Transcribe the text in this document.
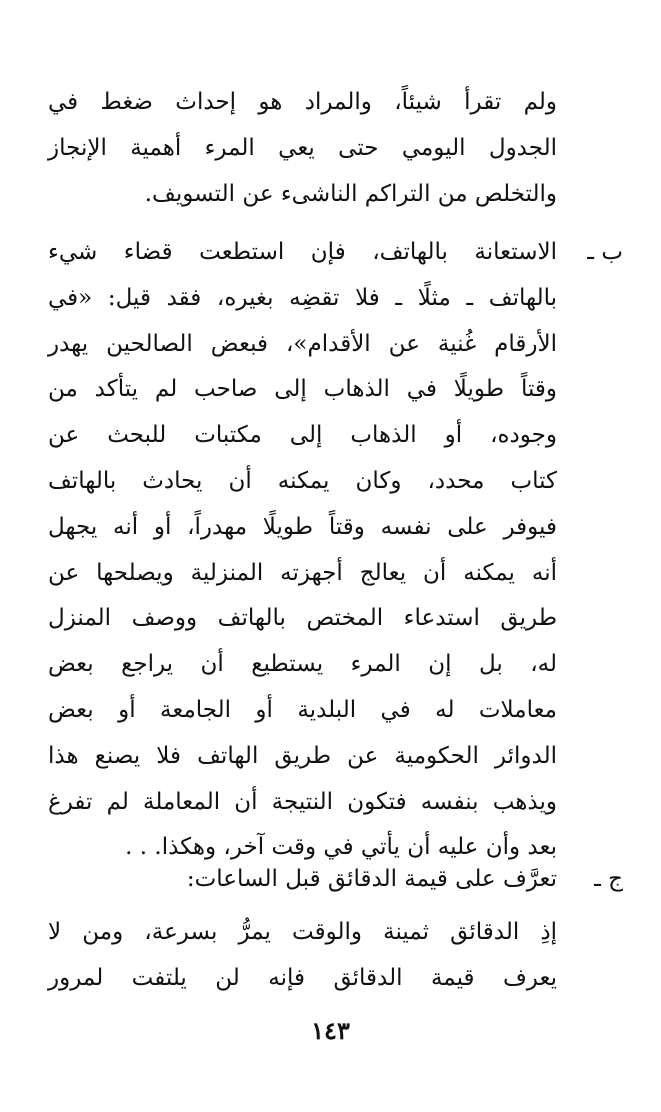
ولم تقرأ شيئاً، والمراد هو إحداث ضغط في
الجدول اليومي حتى يعي المرء أهمية الإنجاز
والتخلص من التراكم الناشىء عن التسويف.
ب ـ
الاستعانة بالهاتف، فإن استطعت قضاء شيء
بالهاتف ـ مثلًا ـ فلا تقضِه بغيره، فقد قيل: «في
الأرقام غُنية عن الأقدام»، فبعض الصالحين يهدر
وقتاً طويلًا في الذهاب إلى صاحب لم يتأكد من
وجوده، أو الذهاب إلى مكتبات للبحث عن
كتاب محدد، وكان يمكنه أن يحادث بالهاتف
فيوفر على نفسه وقتاً طويلًا مهدراً، أو أنه يجهل
أنه يمكنه أن يعالج أجهزته المنزلية ويصلحها عن
طريق استدعاء المختص بالهاتف ووصف المنزل
له، بل إن المرء يستطيع أن يراجع بعض
معاملات له في البلدية أو الجامعة أو بعض
الدوائر الحكومية عن طريق الهاتف فلا يصنع هذا
ويذهب بنفسه فتكون النتيجة أن المعاملة لم تفرغ
بعد وأن عليه أن يأتي في وقت آخر، وهكذا. . .
ج ـ
تعرَّف على قيمة الدقائق قبل الساعات:
إذِ الدقائق ثمينة والوقت يمرُّ بسرعة، ومن لا
يعرف قيمة الدقائق فإنه لن يلتفت لمرور
١٤٣
